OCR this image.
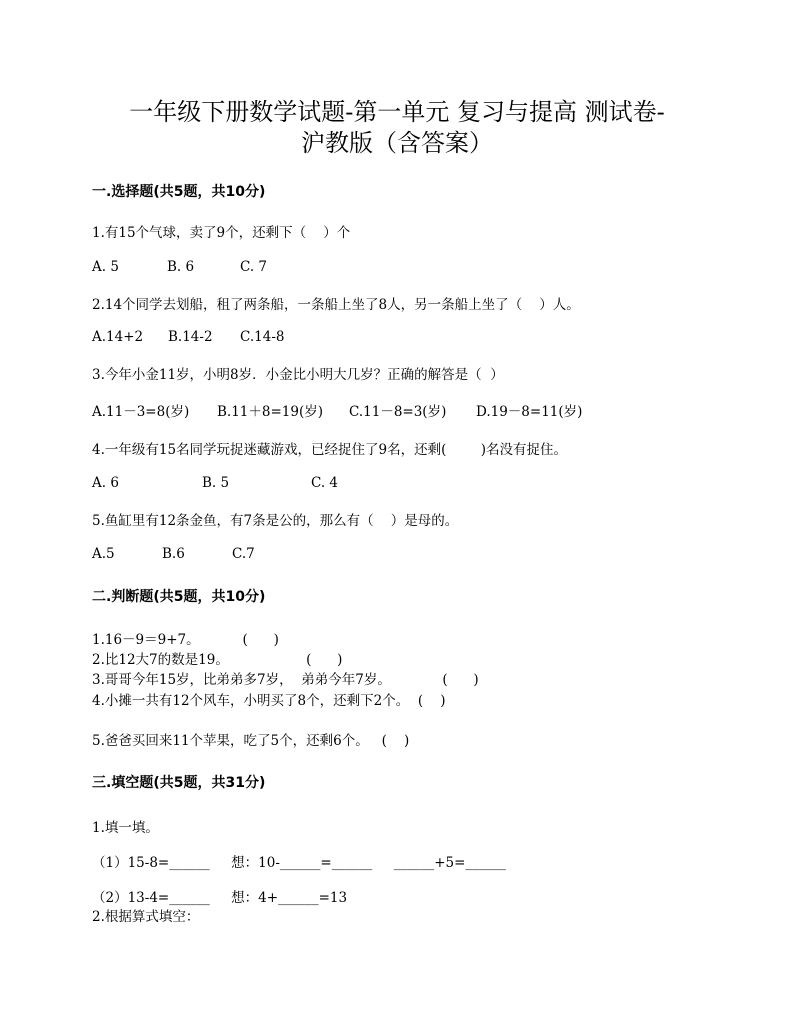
一年级下册数学试题-第一单元 复习与提高 测试卷-
沪教版（含答案）
一.选择题(共5题，共10分)
1.有15个气球，卖了9个，还剩下（    ）个
A. 5	B. 6	C. 7
2.14个同学去划船，租了两条船，一条船上坐了8人，另一条船上坐了（    ）人。
A.14+2 B.14-2 C.14-8
3.今年小金11岁，小明8岁．小金比小明大几岁？正确的解答是（  ）
A.11－3=8(岁) B.11＋8=19(岁) C.11－8=3(岁) D.19－8=11(岁)
4.一年级有15名同学玩捉迷藏游戏，已经捉住了9名，还剩(        )名没有捉住。
A. 6	B. 5	C. 4
5.鱼缸里有12条金鱼，有7条是公的，那么有（    ）是母的。
A.5	B.6	C.7
二.判断题(共5题，共10分)
1.16－9＝9+7。          (      )
2.比12大7的数是19。                  (      )
3.哥哥今年15岁，比弟弟多7岁，  弟弟今年7岁。            (      )
4.小摊一共有12个风车，小明买了8个，还剩下2个。  (    )
5.爸爸买回来11个苹果，吃了5个，还剩6个。   (    )
三.填空题(共5题，共31分)
1.填一填。
（1）15-8=______     想：10-______=______     ______+5=______
（2）13-4=______     想：4+______=13
2.根据算式填空：
